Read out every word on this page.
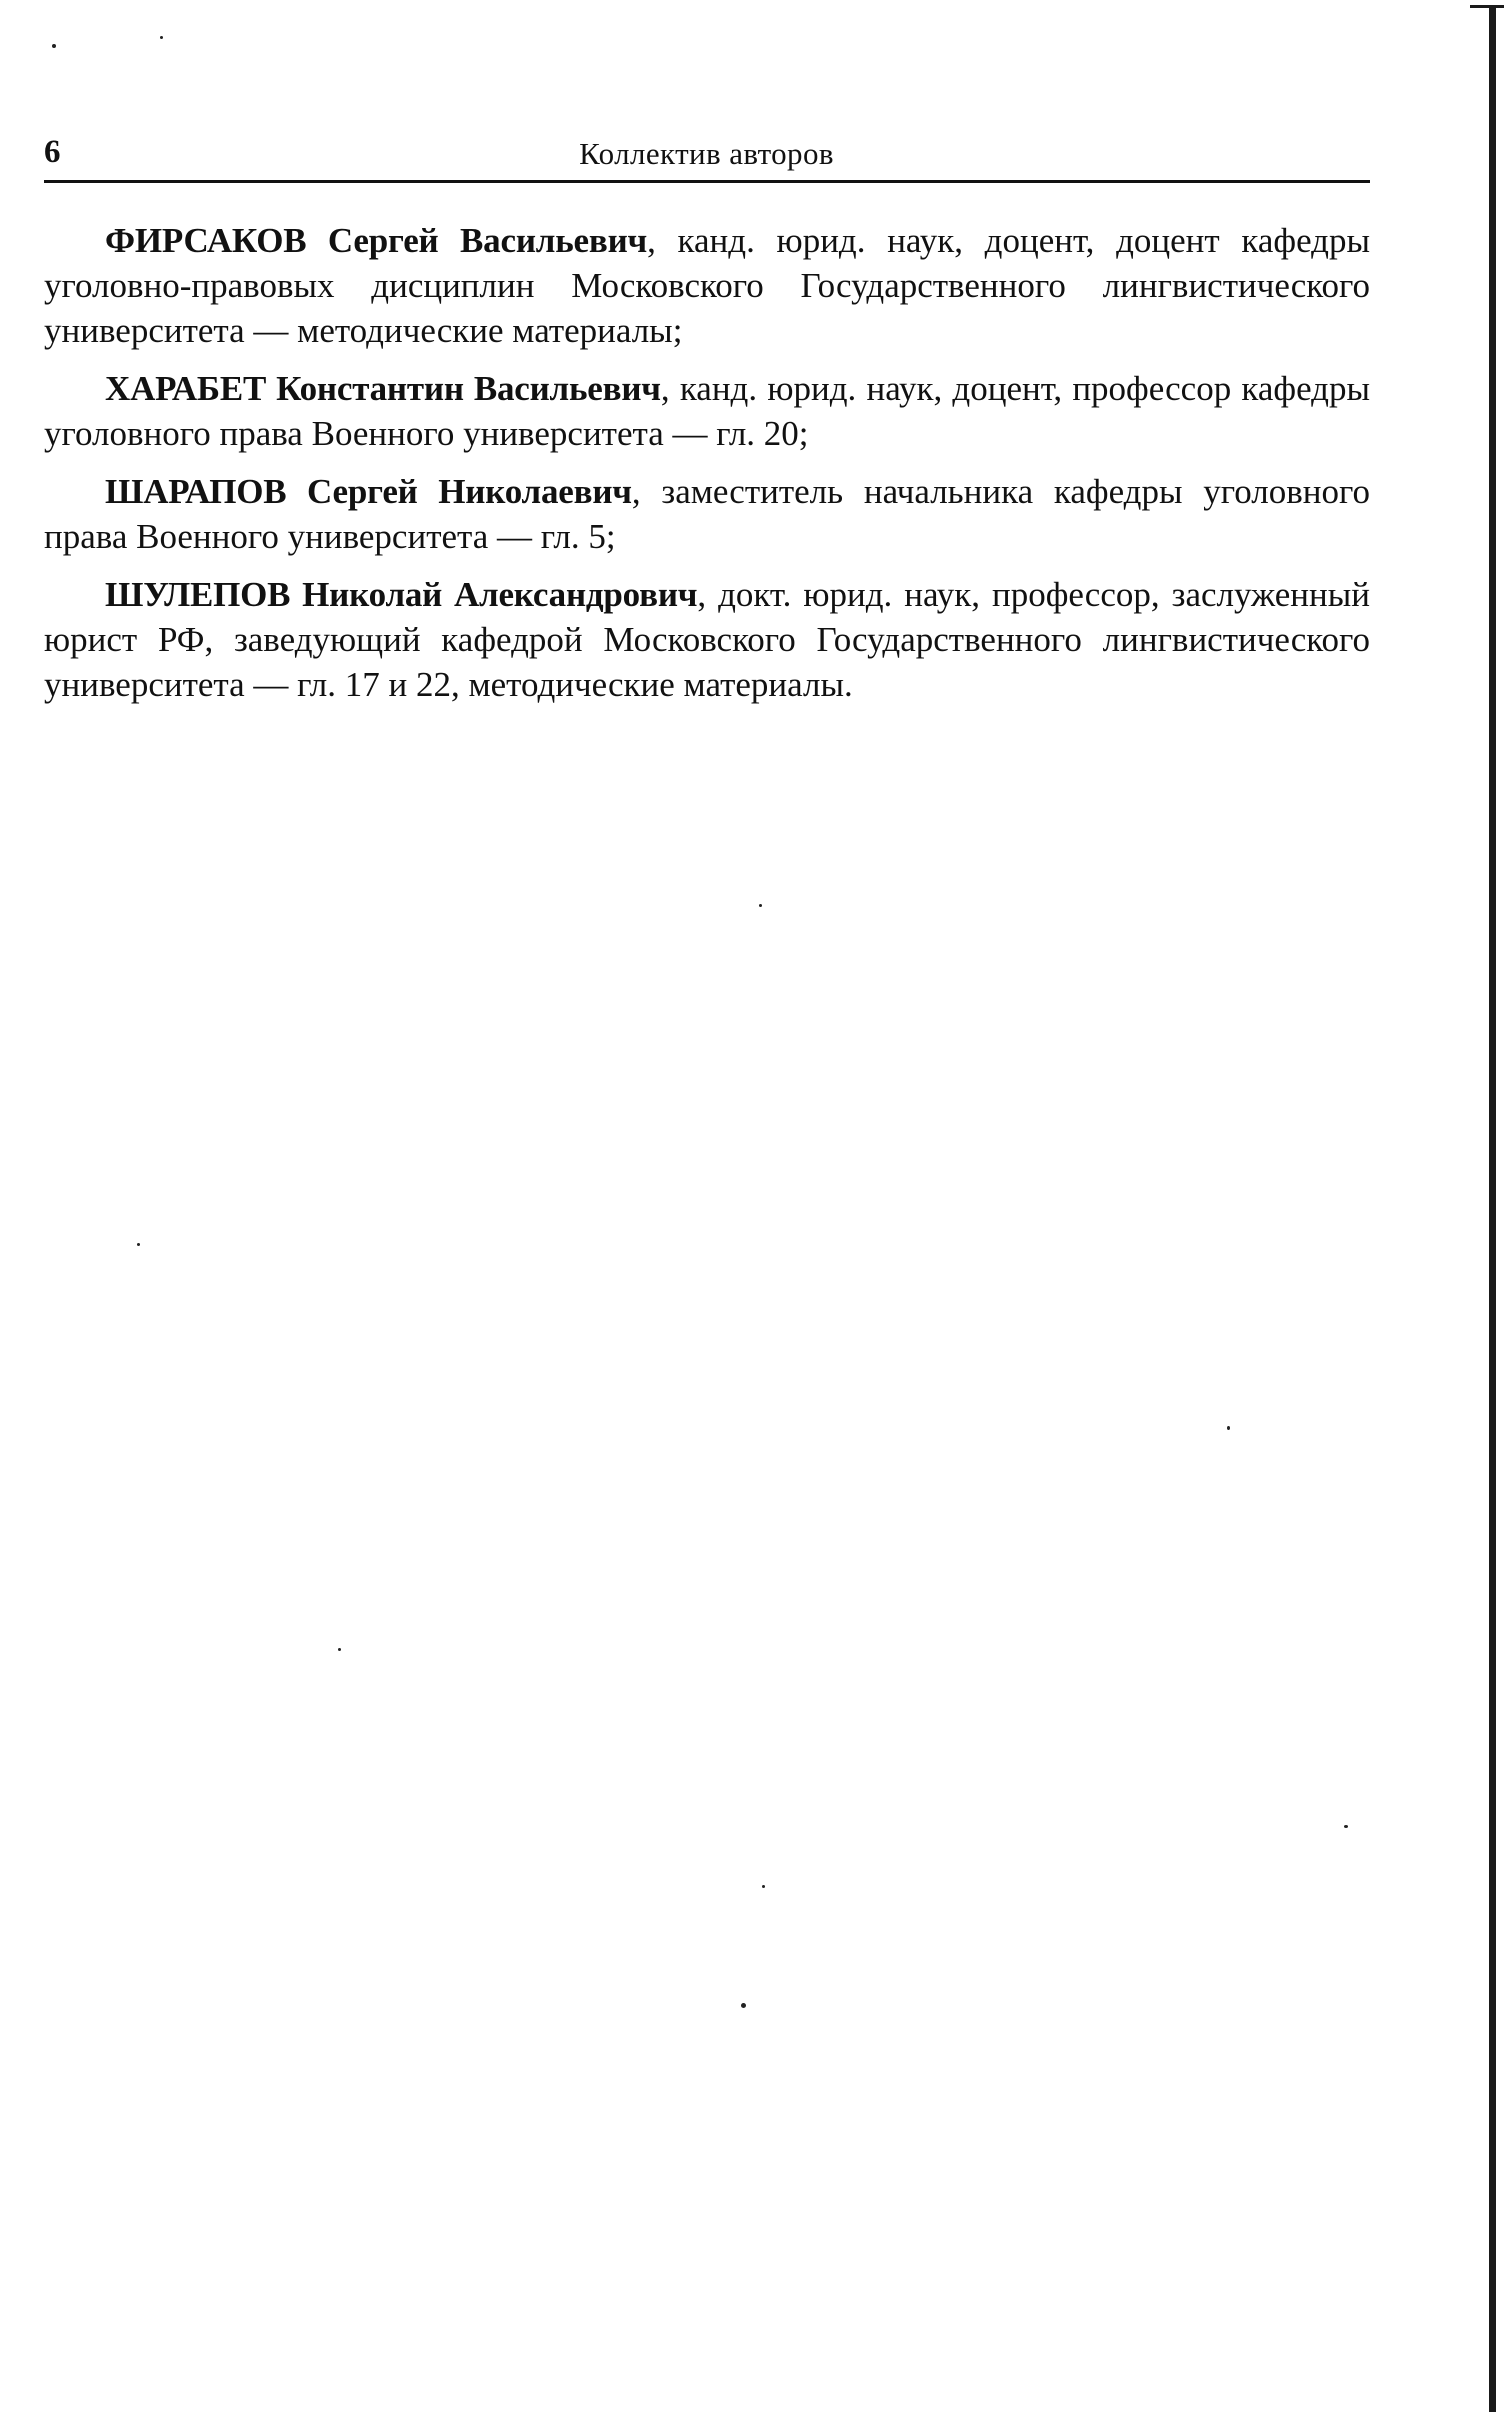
6	Коллектив авторов

ФИРСАКОВ Сергей Васильевич, канд. юрид. наук, доцент, доцент кафедры уголовно-правовых дисциплин Московского Государственного лингвистического университета — методические материалы;

ХАРАБЕТ Константин Васильевич, канд. юрид. наук, доцент, профессор кафедры уголовного права Военного университета — гл. 20;

ШАРАПОВ Сергей Николаевич, заместитель начальника кафедры уголовного права Военного университета — гл. 5;

ШУЛЕПОВ Николай Александрович, докт. юрид. наук, профессор, заслуженный юрист РФ, заведующий кафедрой Московского Государственного лингвистического университета — гл. 17 и 22, методические материалы.
